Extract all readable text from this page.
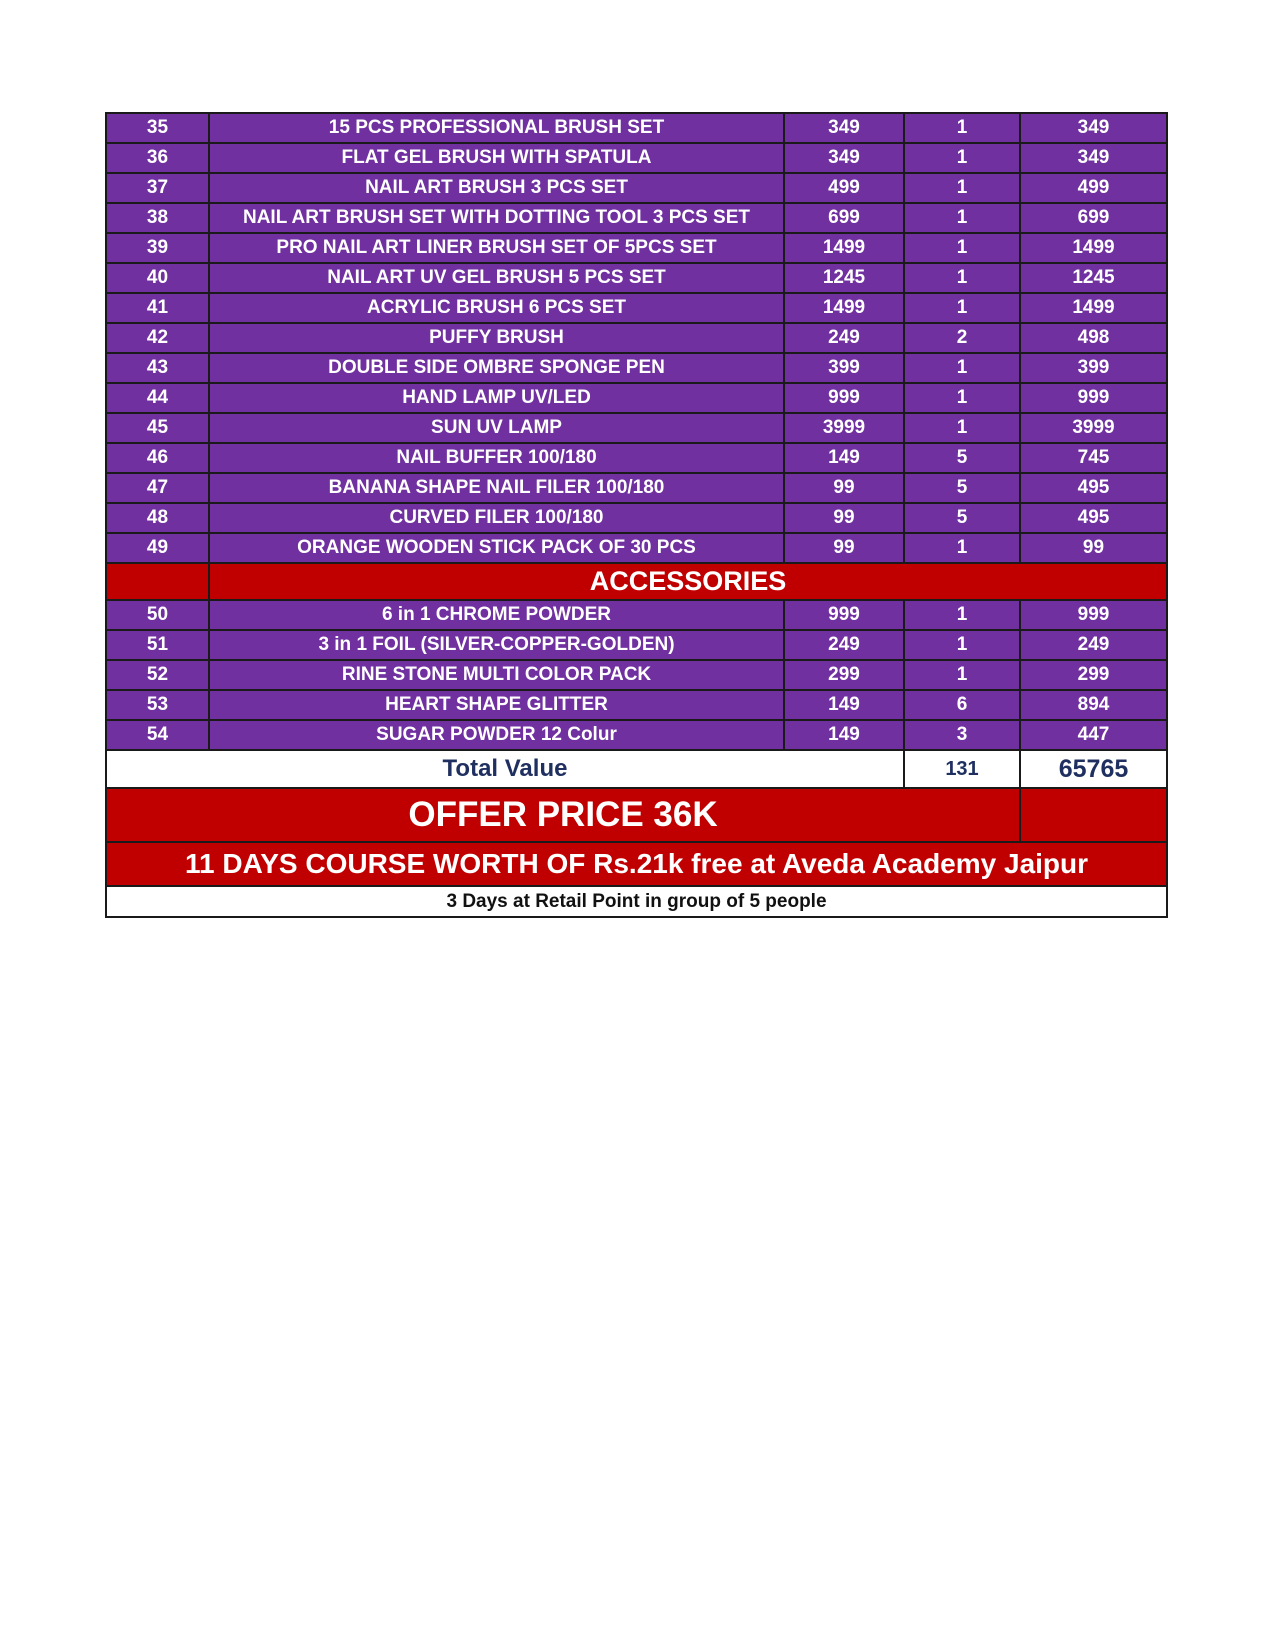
35	15 PCS PROFESSIONAL BRUSH SET	349	1	349
36	FLAT GEL BRUSH WITH SPATULA	349	1	349
37	NAIL ART BRUSH 3 PCS SET	499	1	499
38	NAIL ART BRUSH SET WITH DOTTING TOOL 3 PCS SET	699	1	699
39	PRO NAIL ART LINER BRUSH SET OF 5PCS SET	1499	1	1499
40	NAIL ART UV GEL BRUSH 5 PCS SET	1245	1	1245
41	ACRYLIC BRUSH 6 PCS SET	1499	1	1499
42	PUFFY BRUSH	249	2	498
43	DOUBLE SIDE OMBRE SPONGE PEN	399	1	399
44	HAND LAMP UV/LED	999	1	999
45	SUN UV LAMP	3999	1	3999
46	NAIL BUFFER 100/180	149	5	745
47	BANANA SHAPE NAIL FILER 100/180	99	5	495
48	CURVED FILER 100/180	99	5	495
49	ORANGE WOODEN STICK PACK OF 30 PCS	99	1	99
	ACCESSORIES			
50	6 in 1 CHROME POWDER	999	1	999
51	3 in 1 FOIL (SILVER-COPPER-GOLDEN)	249	1	249
52	RINE STONE MULTI COLOR PACK	299	1	299
53	HEART SHAPE GLITTER	149	6	894
54	SUGAR POWDER 12 Colur	149	3	447
Total Value			131	65765
OFFER PRICE 36K				
11 DAYS COURSE WORTH OF Rs.21k free at Aveda Academy Jaipur				
3 Days at Retail Point in group of 5 people				
